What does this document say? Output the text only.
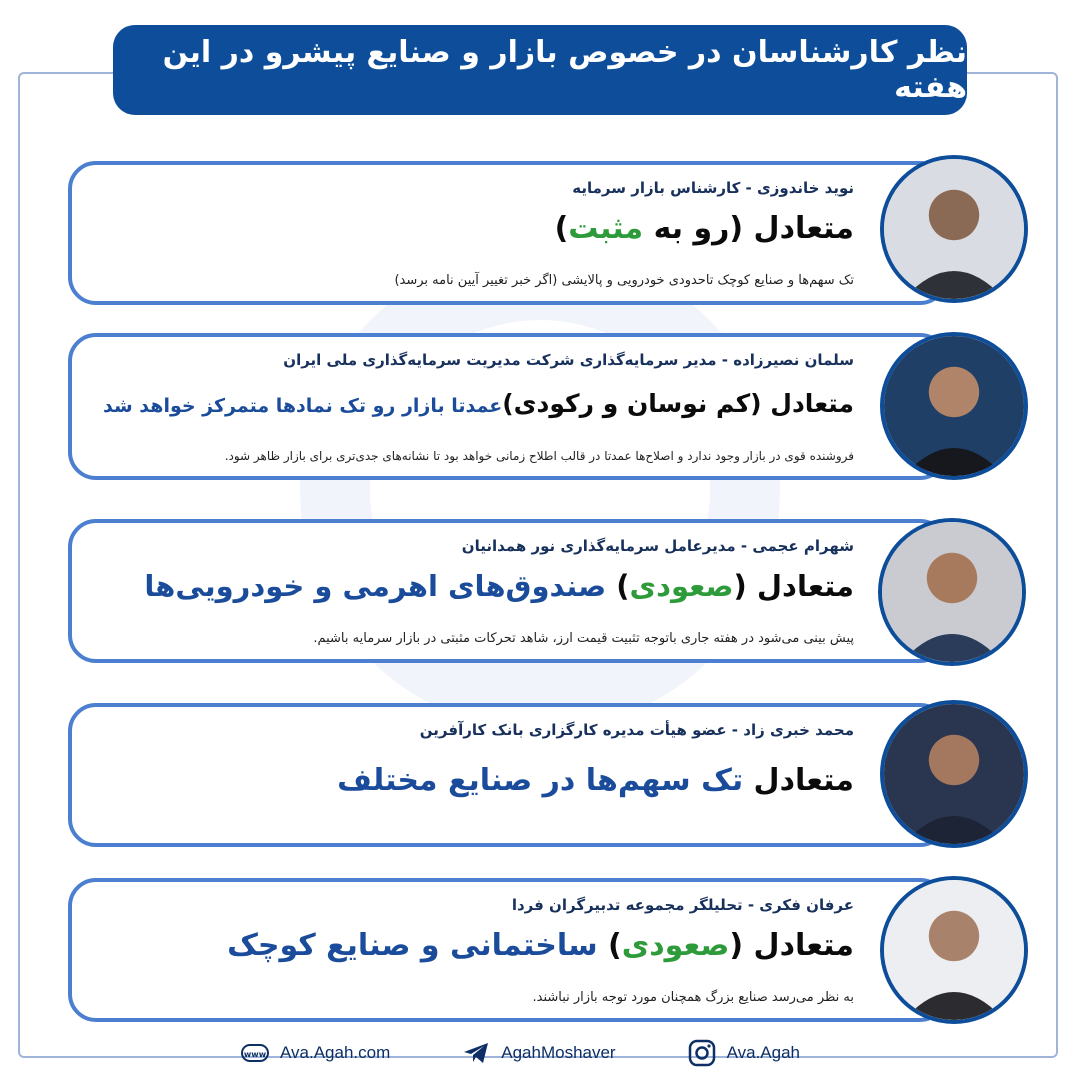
نظر کارشناسان در خصوص بازار و صنایع پیشرو در این هفته
نوید خاندوزی - کارشناس بازار سرمایه
متعادل (رو به مثبت)
تک سهم‌ها و صنایع کوچک تاحدودی خودرویی و پالایشی (اگر خبر تغییر آیین نامه برسد)
سلمان نصیرزاده - مدیر سرمایه‌گذاری شرکت مدیریت سرمایه‌گذاری ملی ایران
متعادل (کم نوسان و رکودی)عمدتا بازار رو تک نمادها متمرکز خواهد شد
فروشنده قوی در بازار وجود ندارد و اصلاح‌ها عمدتا در قالب اطلاح زمانی خواهد بود تا نشانه‌های جدی‌تری برای بازار ظاهر شود.
شهرام عجمی - مدیرعامل سرمایه‌گذاری نور همدانیان
متعادل (صعودی) صندوق‌های اهرمی و خودرویی‌ها
پیش بینی می‌شود در هفته جاری باتوجه تثبیت قیمت ارز، شاهد تحرکات مثبتی در بازار سرمایه باشیم.
محمد خبری زاد - عضو هیأت مدیره کارگزاری بانک کارآفرین
متعادل تک سهم‌ها در صنایع مختلف
عرفان فکری - تحلیلگر مجموعه تدبیرگران فردا
متعادل (صعودی) ساختمانی و صنایع کوچک
به نظر می‌رسد صنایع بزرگ همچنان مورد توجه بازار نباشند.
www Ava.Agah.com	AgahMoshaver	Ava.Agah
